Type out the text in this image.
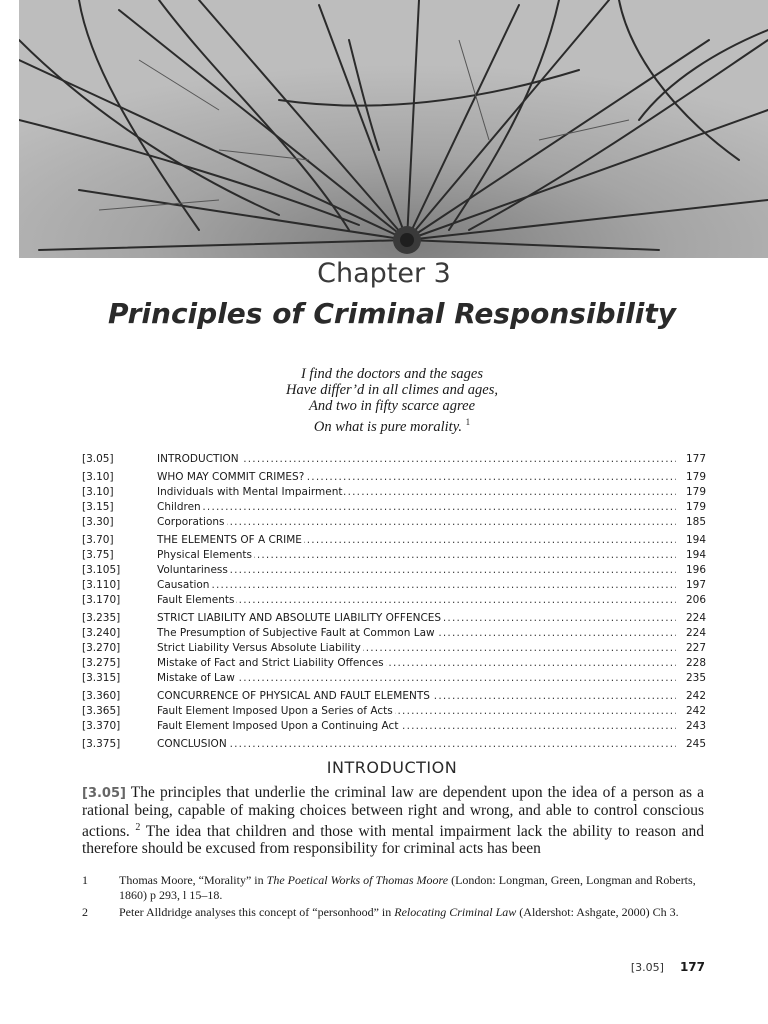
Chapter 3
Principles of Criminal Responsibility
I find the doctors and the sages
Have differ’d in all climes and ages,
And two in fifty scarce agree
On what is pure morality. $^1$
[3.05]	INTRODUCTION .....	177
[3.10]	WHO MAY COMMIT CRIMES? .....	179
[3.10]	Individuals with Mental Impairment .....	179
[3.15]	Children .....	179
[3.30]	Corporations .....	185
[3.70]	THE ELEMENTS OF A CRIME .....	194
[3.75]	Physical Elements .....	194
[3.105]	Voluntariness .....	196
[3.110]	Causation .....	197
[3.170]	Fault Elements .....	206
[3.235]	STRICT LIABILITY AND ABSOLUTE LIABILITY OFFENCES .....	224
[3.240]	The Presumption of Subjective Fault at Common Law .....	224
[3.270]	Strict Liability Versus Absolute Liability .....	227
[3.275]	Mistake of Fact and Strict Liability Offences .....	228
[3.315]	Mistake of Law .....	235
[3.360]	CONCURRENCE OF PHYSICAL AND FAULT ELEMENTS .....	242
[3.365]	Fault Element Imposed Upon a Series of Acts .....	242
[3.370]	Fault Element Imposed Upon a Continuing Act .....	243
[3.375]	CONCLUSION .....	245
INTRODUCTION
[3.05] The principles that underlie the criminal law are dependent upon the idea of a person as a rational being, capable of making choices between right and wrong, and able to control conscious actions. $^2$ The idea that children and those with mental impairment lack the ability to reason and therefore should be excused from responsibility for criminal acts has been
1	Thomas Moore, “Morality” in The Poetical Works of Thomas Moore (London: Longman, Green, Longman and Roberts, 1860) p 293, l 15–18.
2	Peter Alldridge analyses this concept of “personhood” in Relocating Criminal Law (Aldershot: Ashgate, 2000) Ch 3.
[3.05] 177
